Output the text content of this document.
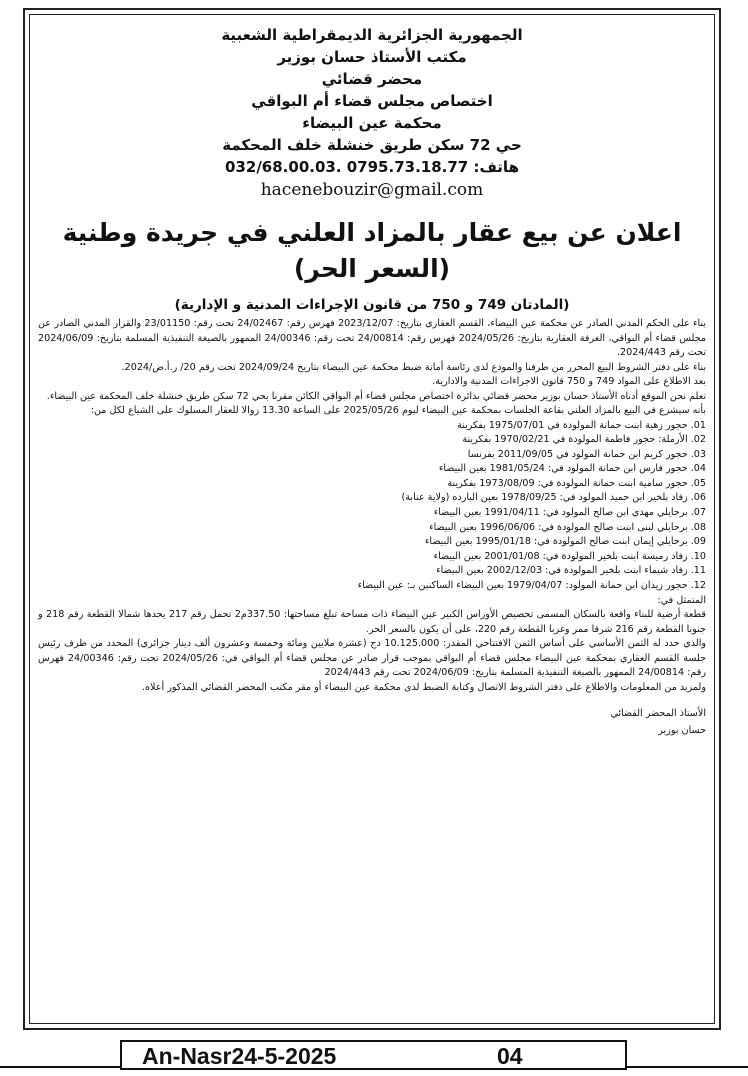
الجمهورية الجزائرية الديمقراطية الشعبية

مكتب الأستاذ حسان بوزير

محضر قضائي

اختصاص مجلس قضاء أم البواقي

محكمة عين البيضاء

حي 72 سكن طريق خنشلة خلف المحكمة

هاتف: 0795.73.18.77 .032/68.00.03

hacenebouzir@gmail.com

اعلان عن بيع عقار بالمزاد العلني في جريدة وطنية (السعر الحر)

(المادتان 749 و 750 من قانون الإجراءات المدنية و الإدارية)

بناء على الحكم المدني الصادر عن محكمة عين البيضاء، القسم العقاري بتاريخ: 2023/12/07 فهرس رقم: 24/02467 تحت رقم: 23/01150 والقرار المدني الصادر عن مجلس قضاء أم البواقي، الغرفة العقارية بتاريخ: 2024/05/26 فهرس رقم: 24/00814 تحت رقم: 24/00346 الممهور بالصيغة التنفيذية المسلمة بتاريخ: 2024/06/09 تحت رقم 2024/443.

بناء على دفتر الشروط البيع المحرر من طرفنا والمودع لدى رئاسة أمانة ضبط محكمة عين البيضاء بتاريخ 2024/09/24 تحت رقم 20/ ر.أ.ض/2024.

بعد الاطلاع على المواد 749 و 750 قانون الاجراءات المدنية والادارية.

تعلم نحن الموقع أدناه الأستاذ حسان بوزير محضر قضائي بدائرة اختصاص مجلس قضاء أم البواقي الكائن مقرنا بحي 72 سكن طريق خنشلة خلف المحكمة عين البيضاء.

بأنه سيشرع في البيع بالمزاد العلني بقاعة الجلسات بمحكمة عين البيضاء ليوم 2025/05/26 على الساعة 13.30 زوالا للعقار المسلوك على الشياع لكل من:

01. حجور زهية ابنت حمانة المولودة في 1975/07/01 بفكرينة
02. الأرملة: حجور فاطمة المولودة في 1970/02/21 بفكرينة
03. حجور كريم ابن حمانة المولود في 2011/09/05 بفرنسا
04. حجور فارس ابن حمانة المولود في: 1981/05/24 بعين البيضاء
05. حجور سامية ابنت حمانة المولودة في: 1973/08/09 بفكرينة
06. زفاد بلخير ابن حميد المولود في: 1978/09/25 بعين البارده (ولاية عنابة)
07. برحايلي مهدي ابن صالح المولود في: 1991/04/11 بعين البيضاء
08. برحايلي لبنى ابنت صالح المولودة في: 1996/06/06 بعين البيضاء
09. برحايلي إيمان ابنت صالح المولودة في: 1995/01/18 بعين البيضاء
10. زفاد رميسة ابنت بلخير المولودة في: 2001/01/08 بعين البيضاء
11. زفاد شيماء ابنت بلخير المولودة في: 2002/12/03 بعين البيضاء
12. حجور زيدان ابن حمانة المولود: 1979/04/07 بعين البيضاء الساكنين بـ: عين البيضاء

المتمثل في:

قطعة أرضية للبناء واقعة بالسكان المسمى تحصيص الأوراس الكبير عين البيضاء ذات مساحة تبلغ مساحتها: 337.50م2 تحمل رقم 217 يحدها شمالا القطعة رقم 218 و جنوبا القطعة رقم 216 شرقا ممر وغربا القطعة رقم 220، على أن يكون بالسعر الحر.

والذي حدد له الثمن الأساسي على أساس الثمن الافتتاحي المقدر: 10.125.000 دج (عشرة ملايين ومائة وخمسة وعشرون ألف دينار جزائري) المحدد من طرف رئيس جلسة القسم العقاري بمحكمة عين البيضاء مجلس قضاء أم البواقي بموجب قرار صادر عن مجلس قضاء أم البواقي في: 2024/05/26 تحت رقم: 24/00346 فهرس رقم: 24/00814 الممهور بالصيغة التنفيذية المسلمة بتاريخ: 2024/06/09 تحت رقم 2024/443

ولمزيد من المعلومات والاطلاع على دفتر الشروط الاتصال وكتابة الضبط لدى محكمة عين البيضاء أو مقر مكتب المحضر القضائي المذكور أعلاه.

الأستاذ المحضر القضائي
حسان بوزير
An-Nasr24-5-2025	04
